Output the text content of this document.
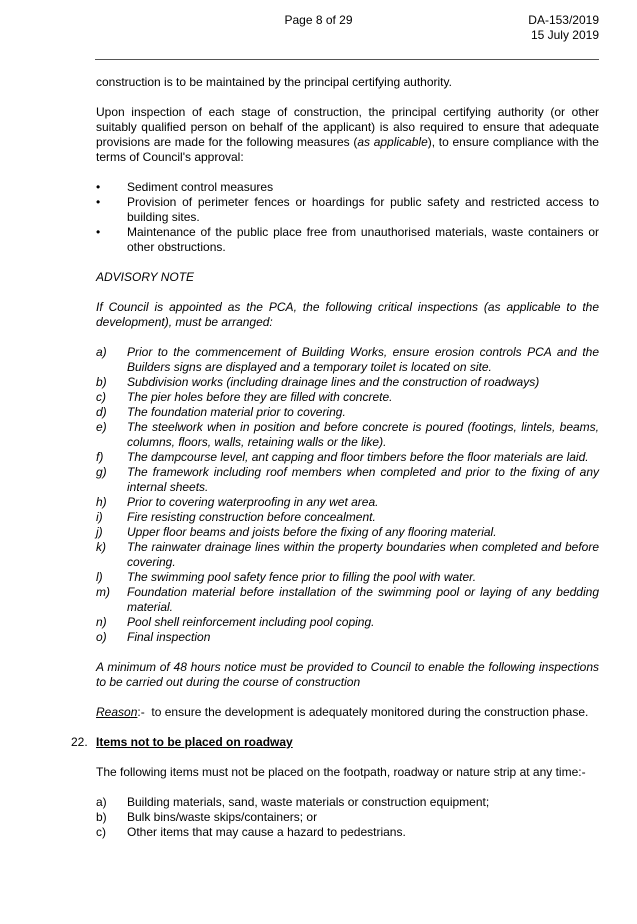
Page 8 of 29	DA-153/2019
15 July 2019

construction is to be maintained by the principal certifying authority.

Upon inspection of each stage of construction, the principal certifying authority (or other suitably qualified person on behalf of the applicant) is also required to ensure that adequate provisions are made for the following measures (as applicable), to ensure compliance with the terms of Council's approval:

•	Sediment control measures
•	Provision of perimeter fences or hoardings for public safety and restricted access to building sites.
•	Maintenance of the public place free from unauthorised materials, waste containers or other obstructions.

ADVISORY NOTE

If Council is appointed as the PCA, the following critical inspections (as applicable to the development), must be arranged:

a)	Prior to the commencement of Building Works, ensure erosion controls PCA and the Builders signs are displayed and a temporary toilet is located on site.
b)	Subdivision works (including drainage lines and the construction of roadways)
c)	The pier holes before they are filled with concrete.
d)	The foundation material prior to covering.
e)	The steelwork when in position and before concrete is poured (footings, lintels, beams, columns, floors, walls, retaining walls or the like).
f)	The dampcourse level, ant capping and floor timbers before the floor materials are laid.
g)	The framework including roof members when completed and prior to the fixing of any internal sheets.
h)	Prior to covering waterproofing in any wet area.
i)	Fire resisting construction before concealment.
j)	Upper floor beams and joists before the fixing of any flooring material.
k)	The rainwater drainage lines within the property boundaries when completed and before covering.
l)	The swimming pool safety fence prior to filling the pool with water.
m)	Foundation material before installation of the swimming pool or laying of any bedding material.
n)	Pool shell reinforcement including pool coping.
o)	Final inspection

A minimum of 48 hours notice must be provided to Council to enable the following inspections to be carried out during the course of construction

Reason:- to ensure the development is adequately monitored during the construction phase.

22. Items not to be placed on roadway

The following items must not be placed on the footpath, roadway or nature strip at any time:-

a)	Building materials, sand, waste materials or construction equipment;
b)	Bulk bins/waste skips/containers; or
c)	Other items that may cause a hazard to pedestrians.
